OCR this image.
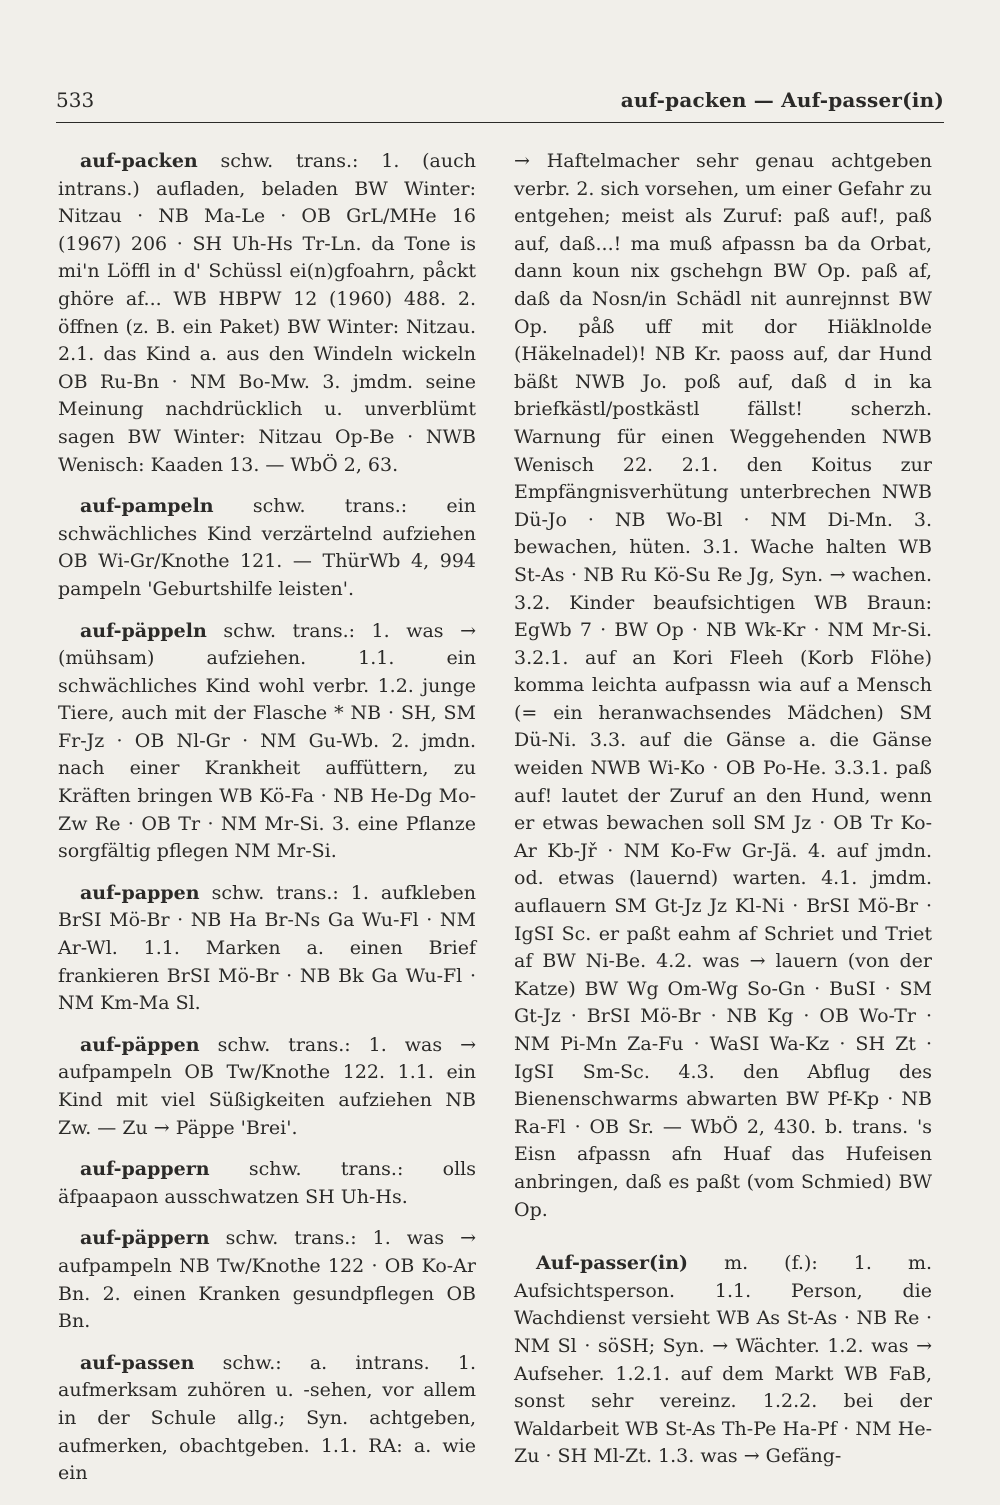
533	auf-packen — Auf-passer(in)

auf-packen schw. trans.: 1. (auch intrans.) aufladen, beladen BW Winter: Nitzau · NB Ma-Le · OB GrL/MHe 16 (1967) 206 · SH Uh-Hs Tr-Ln. da Tone is mi'n Löffl in d' Schüssl ei(n)gfoahrn, påckt ghöre af... WB HBPW 12 (1960) 488. 2. öffnen (z. B. ein Paket) BW Winter: Nitzau. 2.1. das Kind a. aus den Windeln wickeln OB Ru-Bn · NM Bo-Mw. 3. jmdm. seine Meinung nachdrücklich u. unverblümt sagen BW Winter: Nitzau Op-Be · NWB Wenisch: Kaaden 13. — WbÖ 2, 63.

auf-pampeln schw. trans.: ein schwächliches Kind verzärtelnd aufziehen OB Wi-Gr/Knothe 121. — ThürWb 4, 994 pampeln 'Geburtshilfe leisten'.

auf-päppeln schw. trans.: 1. was → (mühsam) aufziehen. 1.1. ein schwächliches Kind wohl verbr. 1.2. junge Tiere, auch mit der Flasche * NB · SH, SM Fr-Jz · OB Nl-Gr · NM Gu-Wb. 2. jmdn. nach einer Krankheit auffüttern, zu Kräften bringen WB Kö-Fa · NB He-Dg Mo-Zw Re · OB Tr · NM Mr-Si. 3. eine Pflanze sorgfältig pflegen NM Mr-Si.

auf-pappen schw. trans.: 1. aufkleben BrSI Mö-Br · NB Ha Br-Ns Ga Wu-Fl · NM Ar-Wl. 1.1. Marken a. einen Brief frankieren BrSI Mö-Br · NB Bk Ga Wu-Fl · NM Km-Ma Sl.

auf-päppen schw. trans.: 1. was → aufpampeln OB Tw/Knothe 122. 1.1. ein Kind mit viel Süßigkeiten aufziehen NB Zw. — Zu → Päppe 'Brei'.

auf-pappern schw. trans.: olls äfpaapaon ausschwatzen SH Uh-Hs.

auf-päppern schw. trans.: 1. was → aufpampeln NB Tw/Knothe 122 · OB Ko-Ar Bn. 2. einen Kranken gesundpflegen OB Bn.

auf-passen schw.: a. intrans. 1. aufmerksam zuhören u. -sehen, vor allem in der Schule allg.; Syn. achtgeben, aufmerken, obachtgeben. 1.1. RA: a. wie ein

→ Haftelmacher sehr genau achtgeben verbr. 2. sich vorsehen, um einer Gefahr zu entgehen; meist als Zuruf: paß auf!, paß auf, daß...! ma muß afpassn ba da Orbat, dann koun nix gschehgn BW Op. paß af, daß da Nosn/in Schädl nit aunrejnnst BW Op. påß uff mit dor Hiäklnolde (Häkelnadel)! NB Kr. paoss auf, dar Hund bäßt NWB Jo. poß auf, daß d in ka briefkästl/postkästl fällst! scherzh. Warnung für einen Weggehenden NWB Wenisch 22. 2.1. den Koitus zur Empfängnisverhütung unterbrechen NWB Dü-Jo · NB Wo-Bl · NM Di-Mn. 3. bewachen, hüten. 3.1. Wache halten WB St-As · NB Ru Kö-Su Re Jg, Syn. → wachen. 3.2. Kinder beaufsichtigen WB Braun: EgWb 7 · BW Op · NB Wk-Kr · NM Mr-Si. 3.2.1. auf an Kori Fleeh (Korb Flöhe) komma leichta aufpassn wia auf a Mensch (= ein heranwachsendes Mädchen) SM Dü-Ni. 3.3. auf die Gänse a. die Gänse weiden NWB Wi-Ko · OB Po-He. 3.3.1. paß auf! lautet der Zuruf an den Hund, wenn er etwas bewachen soll SM Jz · OB Tr Ko-Ar Kb-Jř · NM Ko-Fw Gr-Jä. 4. auf jmdn. od. etwas (lauernd) warten. 4.1. jmdm. auflauern SM Gt-Jz Jz Kl-Ni · BrSI Mö-Br · IgSI Sc. er paßt eahm af Schriet und Triet af BW Ni-Be. 4.2. was → lauern (von der Katze) BW Wg Om-Wg So-Gn · BuSI · SM Gt-Jz · BrSI Mö-Br · NB Kg · OB Wo-Tr · NM Pi-Mn Za-Fu · WaSI Wa-Kz · SH Zt · IgSI Sm-Sc. 4.3. den Abflug des Bienenschwarms abwarten BW Pf-Kp · NB Ra-Fl · OB Sr. — WbÖ 2, 430. b. trans. 's Eisn afpassn afn Huaf das Hufeisen anbringen, daß es paßt (vom Schmied) BW Op.

Auf-passer(in) m. (f.): 1. m. Aufsichtsperson. 1.1. Person, die Wachdienst versieht WB As St-As · NB Re · NM Sl · söSH; Syn. → Wächter. 1.2. was → Aufseher. 1.2.1. auf dem Markt WB FaB, sonst sehr vereinz. 1.2.2. bei der Waldarbeit WB St-As Th-Pe Ha-Pf · NM He-Zu · SH Ml-Zt. 1.3. was → Gefäng-
